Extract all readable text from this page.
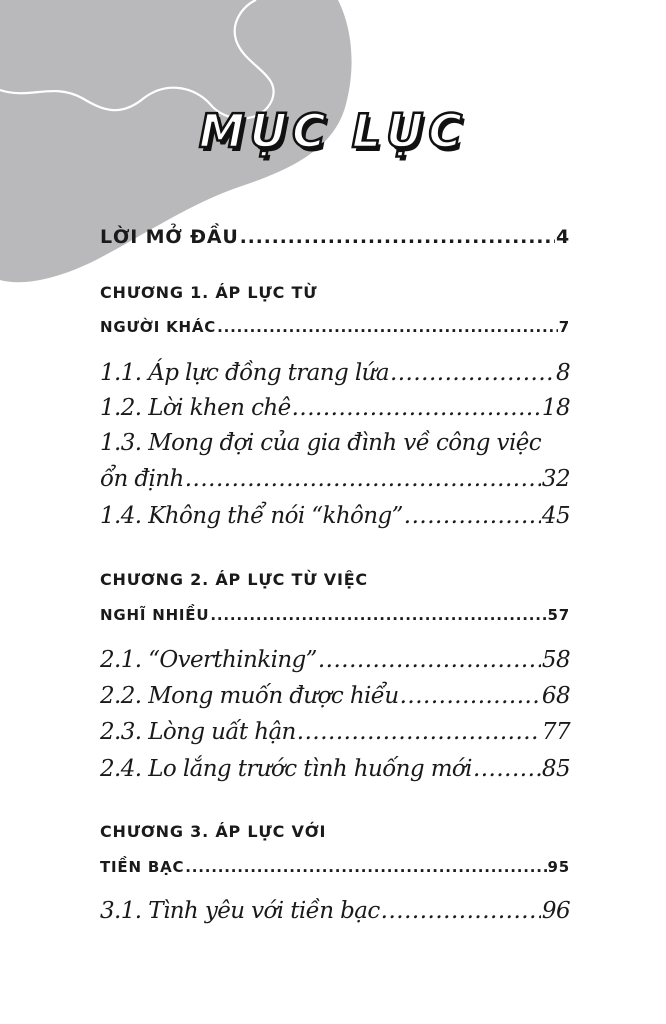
MỤC LỤC
LỜI MỞ ĐẦU .....	4
CHƯƠNG 1. ÁP LỰC TỪ
NGƯỜI KHÁC .....	7
1.1. Áp lực đồng trang lứa .....	8
1.2. Lời khen chê .....	18
1.3. Mong đợi của gia đình về công việc
ổn định .....	32
1.4. Không thể nói “không” .....	45
CHƯƠNG 2. ÁP LỰC TỪ VIỆC
NGHĨ NHIỀU .....	57
2.1. “Overthinking” .....	58
2.2. Mong muốn được hiểu .....	68
2.3. Lòng uất hận .....	77
2.4. Lo lắng trước tình huống mới .....	85
CHƯƠNG 3. ÁP LỰC VỚI
TIỀN BẠC .....	95
3.1. Tình yêu với tiền bạc .....	96
